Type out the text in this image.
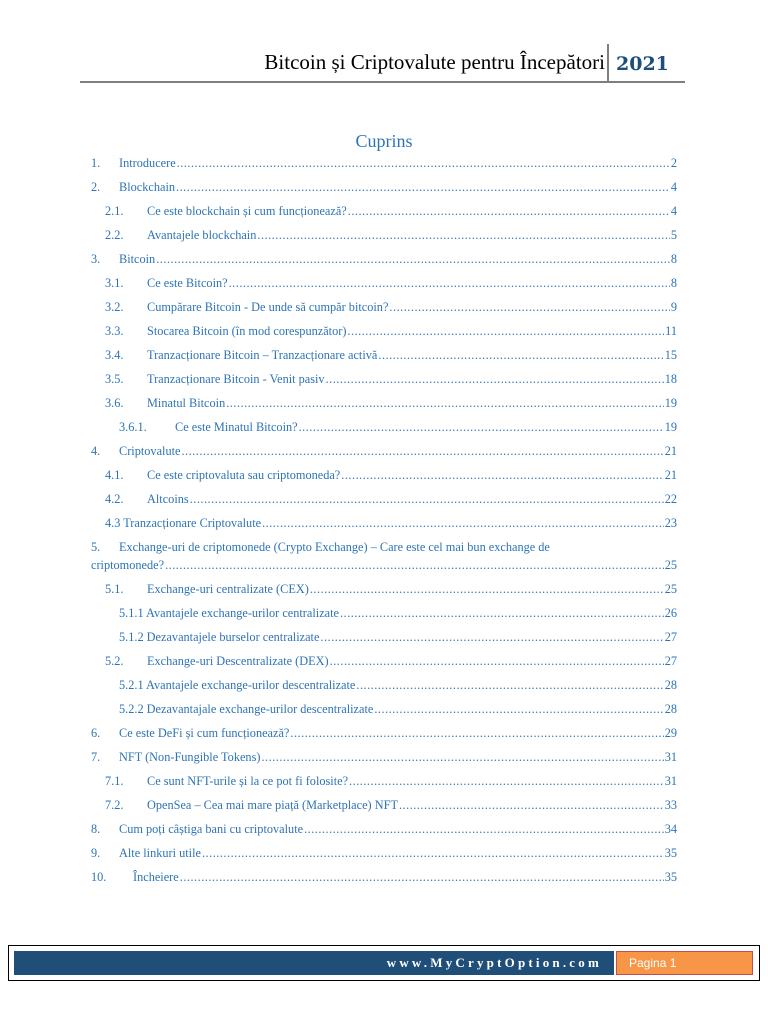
Bitcoin și Criptovalute pentru Începători 2021
Cuprins
1.	Introducere .....	2
2.	Blockchain .....	4
2.1.	Ce este blockchain și cum funcționează? .....	4
2.2.	Avantajele blockchain .....	5
3.	Bitcoin .....	8
3.1.	Ce este Bitcoin? .....	8
3.2.	Cumpărare Bitcoin - De unde să cumpăr bitcoin? .....	9
3.3.	Stocarea Bitcoin (în mod corespunzător) .....	11
3.4.	Tranzacționare Bitcoin – Tranzacționare activă .....	15
3.5.	Tranzacționare Bitcoin - Venit pasiv .....	18
3.6.	Minatul Bitcoin .....	19
3.6.1.	Ce este Minatul Bitcoin? .....	19
4.	Criptovalute .....	21
4.1.	Ce este criptovaluta sau criptomoneda? .....	21
4.2.	Altcoins .....	22
4.3 Tranzacționare Criptovalute .....	23
5. Exchange-uri de criptomonede (Crypto Exchange) – Care este cel mai bun exchange de
criptomonede? .....	25
5.1.	Exchange-uri centralizate (CEX) .....	25
5.1.1 Avantajele exchange-urilor centralizate .....	26
5.1.2 Dezavantajele burselor centralizate .....	27
5.2.	Exchange-uri Descentralizate (DEX) .....	27
5.2.1 Avantajele exchange-urilor descentralizate .....	28
5.2.2 Dezavantajale exchange-urilor descentralizate .....	28
6.	Ce este DeFi și cum funcționează? .....	29
7.	NFT (Non-Fungible Tokens) .....	31
7.1.	Ce sunt NFT-urile și la ce pot fi folosite? .....	31
7.2.	OpenSea – Cea mai mare piață (Marketplace) NFT .....	33
8.	Cum poți câștiga bani cu criptovalute .....	34
9.	Alte linkuri utile .....	35
10.	Încheiere .....	35
www.MyCryptOption.com Pagina 1
